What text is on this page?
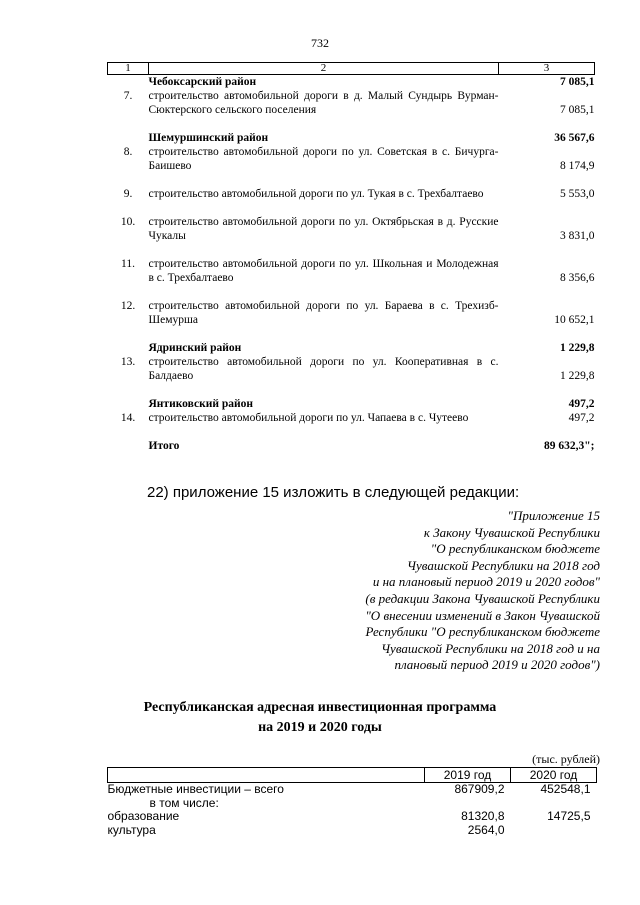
732
1	2	3
	Чебоксарский район	7 085,1
7.	строительство автомобильной дороги в д. Малый Сундырь Вурман-Сюктерского сельского поселения	7 085,1

	Шемуршинский район	36 567,6
8.	строительство автомобильной дороги по ул. Советская в с. Бичурга-Баишево	8 174,9

9.	строительство автомобильной дороги по ул. Тукая в с. Трехбалтаево	5 553,0

10.	строительство автомобильной дороги по ул. Октябрьская в д. Русские Чукалы	3 831,0

11.	строительство автомобильной дороги по ул. Школьная и Молодежная в с. Трехбалтаево	8 356,6

12.	строительство автомобильной дороги по ул. Бараева в с. Трехизб-Шемурша	10 652,1

	Ядринский район	1 229,8
13.	строительство автомобильной дороги по ул. Кооперативная в с. Балдаево	1 229,8

	Янтиковский район	497,2
14.	строительство автомобильной дороги по ул. Чапаева в с. Чутеево	497,2

	Итого	89 632,3";
22) приложение 15 изложить в следующей редакции:
"Приложение 15
к Закону Чувашской Республики
"О республиканском бюджете
Чувашской Республики на 2018 год
и на плановый период 2019 и 2020 годов"
(в редакции Закона Чувашской Республики
"О внесении изменений в Закон Чувашской
Республики "О республиканском бюджете
Чувашской Республики на 2018 год и на
плановый период 2019 и 2020 годов")
Республиканская адресная инвестиционная программа
на 2019 и 2020 годы
(тыс. рублей)
	2019 год	2020 год
Бюджетные инвестиции – всего	867909,2	452548,1
в том числе:		
образование	81320,8	14725,5
культура	2564,0	
